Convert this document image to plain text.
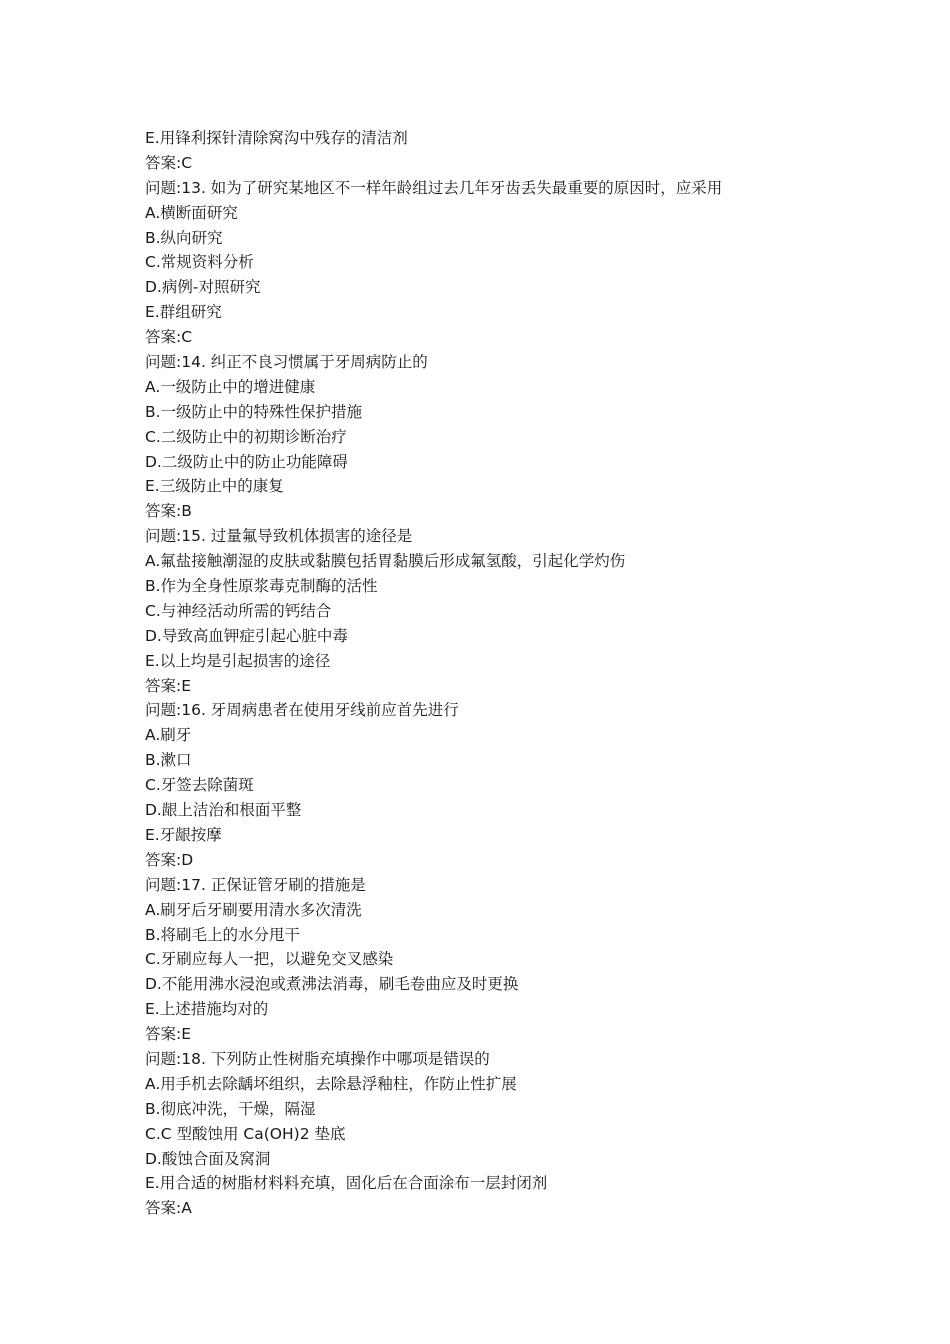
E.用锋利探针清除窝沟中残存的清洁剂

答案:C

问题:13. 如为了研究某地区不一样年龄组过去几年牙齿丢失最重要的原因时，应采用

A.横断面研究

B.纵向研究

C.常规资料分析

D.病例-对照研究

E.群组研究

答案:C

问题:14. 纠正不良习惯属于牙周病防止的

A.一级防止中的增进健康

B.一级防止中的特殊性保护措施

C.二级防止中的初期诊断治疗

D.二级防止中的防止功能障碍

E.三级防止中的康复

答案:B

问题:15. 过量氟导致机体损害的途径是

A.氟盐接触潮湿的皮肤或黏膜包括胃黏膜后形成氟氢酸，引起化学灼伤

B.作为全身性原浆毒克制酶的活性

C.与神经活动所需的钙结合

D.导致高血钾症引起心脏中毒

E.以上均是引起损害的途径

答案:E

问题:16. 牙周病患者在使用牙线前应首先进行

A.刷牙

B.漱口

C.牙签去除菌斑

D.龈上洁治和根面平整

E.牙龈按摩

答案:D

问题:17. 正保证管牙刷的措施是

A.刷牙后牙刷要用清水多次清洗

B.将刷毛上的水分甩干

C.牙刷应每人一把，以避免交叉感染

D.不能用沸水浸泡或煮沸法消毒，刷毛卷曲应及时更换

E.上述措施均对的

答案:E

问题:18. 下列防止性树脂充填操作中哪项是错误的

A.用手机去除龋坏组织，去除悬浮釉柱，作防止性扩展

B.彻底冲洗，干燥，隔湿

C.C 型酸蚀用 Ca(OH)2 垫底

D.酸蚀合面及窝洞

E.用合适的树脂材料料充填，固化后在合面涂布一层封闭剂

答案:A
